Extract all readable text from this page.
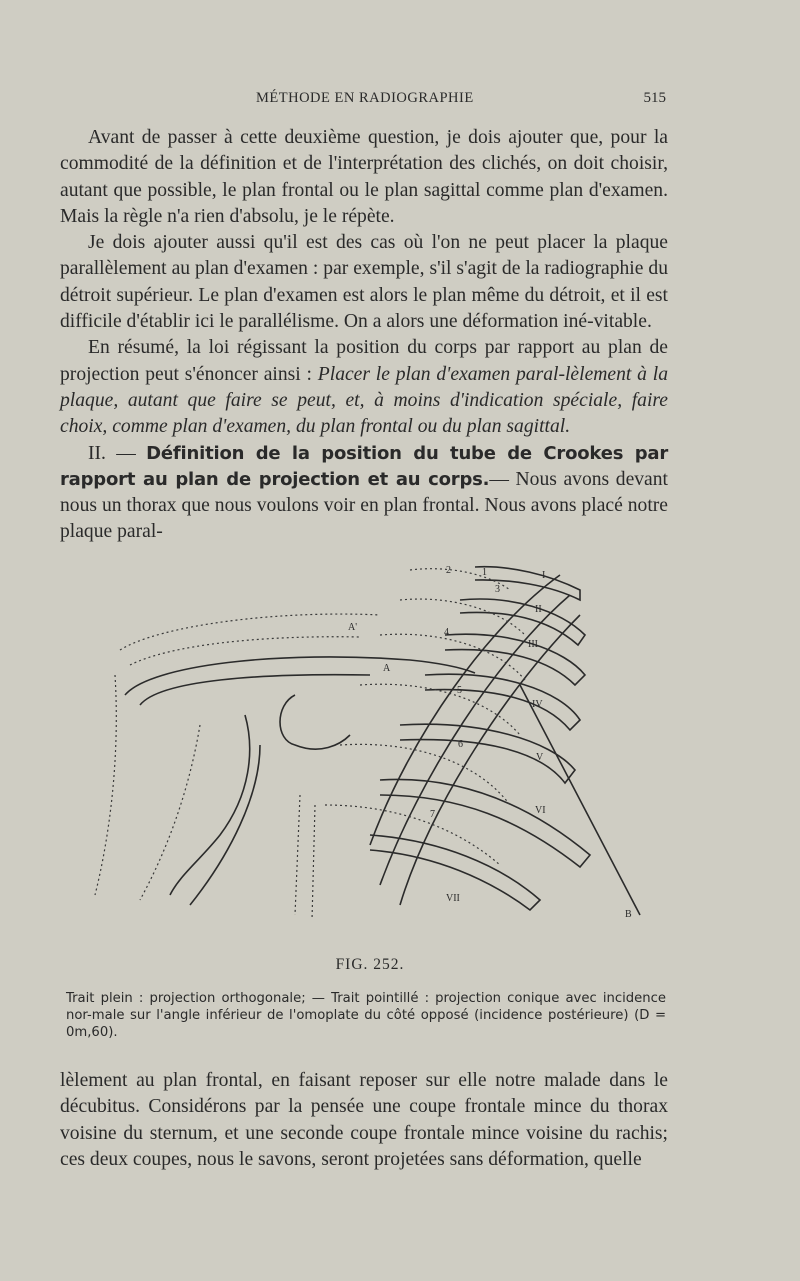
MÉTHODE EN RADIOGRAPHIE	515

Avant de passer à cette deuxième question, je dois ajouter que, pour la commodité de la définition et de l'interprétation des clichés, on doit choisir, autant que possible, le plan frontal ou le plan sagittal comme plan d'examen. Mais la règle n'a rien d'absolu, je le répète.

Je dois ajouter aussi qu'il est des cas où l'on ne peut placer la plaque parallèlement au plan d'examen : par exemple, s'il s'agit de la radiographie du détroit supérieur. Le plan d'examen est alors le plan même du détroit, et il est difficile d'établir ici le parallélisme. On a alors une déformation iné-vitable.

En résumé, la loi régissant la position du corps par rapport au plan de projection peut s'énoncer ainsi : Placer le plan d'examen paral-lèlement à la plaque, autant que faire se peut, et, à moins d'indication spéciale, faire choix, comme plan d'examen, du plan frontal ou du plan sagittal.

II. — Définition de la position du tube de Crookes par rapport au plan de projection et au corps.— Nous avons devant nous un thorax que nous voulons voir en plan frontal. Nous avons placé notre plaque paral-

2	1	I
3
II
A'	4
III
A
5
IV
6
V
7	VI
VII
B
FIG. 252.
Trait plein : projection orthogonale; — Trait pointillé : projection conique avec incidence nor-male sur l'angle inférieur de l'omoplate du côté opposé (incidence postérieure) (D = 0m,60).

lèlement au plan frontal, en faisant reposer sur elle notre malade dans le décubitus. Considérons par la pensée une coupe frontale mince du thorax voisine du sternum, et une seconde coupe frontale mince voisine du rachis; ces deux coupes, nous le savons, seront projetées sans déformation, quelle
